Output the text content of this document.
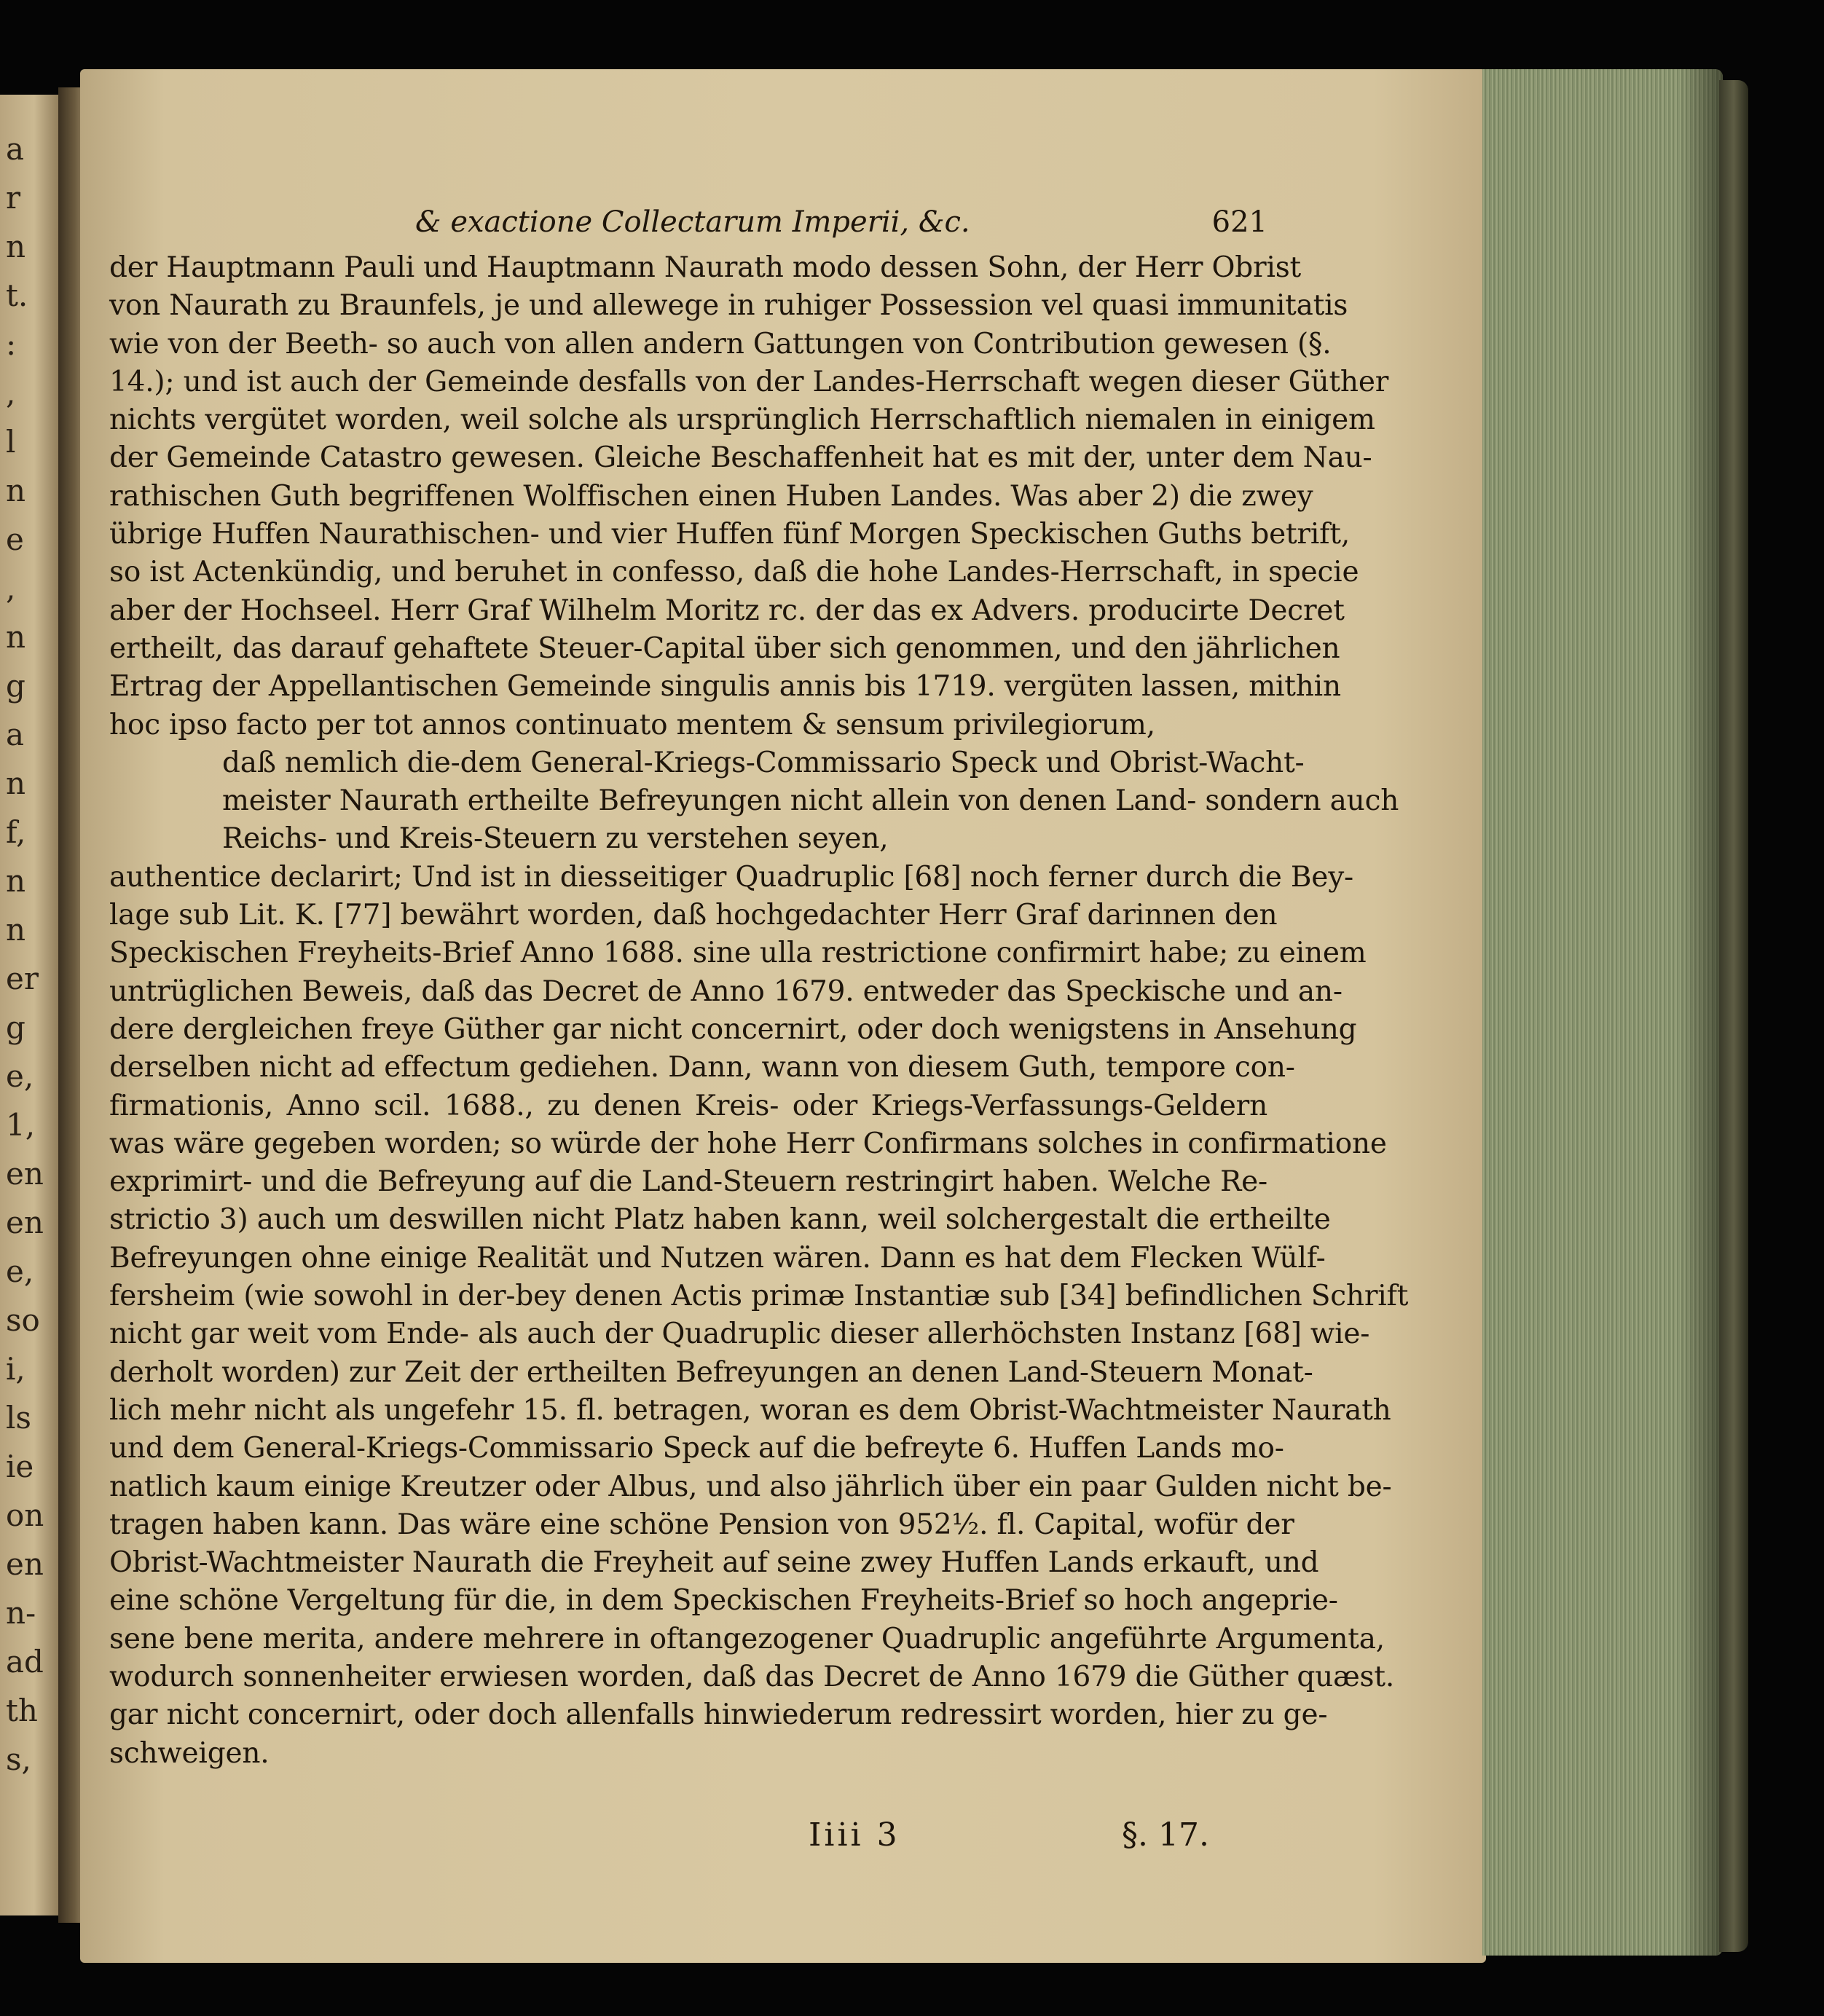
a
r
n
t.
:
,
l
n
e
,
n
g
a
n
f,
n
n
er
g
e,
1,
en
en
e,
so
i,
ls
ie
on
en
n-
ad
th
s,
& exactione Collectarum Imperii, &c.	621
der Hauptmann Pauli und Hauptmann Naurath modo dessen Sohn, der Herr Obrist
von Naurath zu Braunfels, je und allewege in ruhiger Possession vel quasi immunitatis
wie von der Beeth- so auch von allen andern Gattungen von Contribution gewesen (§.
14.); und ist auch der Gemeinde desfalls von der Landes-Herrschaft wegen dieser Güther
nichts vergütet worden, weil solche als ursprünglich Herrschaftlich niemalen in einigem
der Gemeinde Catastro gewesen. Gleiche Beschaffenheit hat es mit der, unter dem Nau-
rathischen Guth begriffenen Wolffischen einen Huben Landes. Was aber 2) die zwey
übrige Huffen Naurathischen- und vier Huffen fünf Morgen Speckischen Guths betrift,
so ist Actenkündig, und beruhet in confesso, daß die hohe Landes-Herrschaft, in specie
aber der Hochseel. Herr Graf Wilhelm Moritz rc. der das ex Advers. producirte Decret
ertheilt, das darauf gehaftete Steuer-Capital über sich genommen, und den jährlichen
Ertrag der Appellantischen Gemeinde singulis annis bis 1719. vergüten lassen, mithin
hoc ipso facto per tot annos continuato mentem & sensum privilegiorum,
daß nemlich die-dem General-Kriegs-Commissario Speck und Obrist-Wacht-
meister Naurath ertheilte Befreyungen nicht allein von denen Land- sondern auch
Reichs- und Kreis-Steuern zu verstehen seyen,
authentice declarirt; Und ist in diesseitiger Quadruplic [68] noch ferner durch die Bey-
lage sub Lit. K. [77] bewährt worden, daß hochgedachter Herr Graf darinnen den
Speckischen Freyheits-Brief Anno 1688. sine ulla restrictione confirmirt habe; zu einem
untrüglichen Beweis, daß das Decret de Anno 1679. entweder das Speckische und an-
dere dergleichen freye Güther gar nicht concernirt, oder doch wenigstens in Ansehung
derselben nicht ad effectum gediehen. Dann, wann von diesem Guth, tempore con-
firmationis, Anno scil. 1688., zu denen Kreis- oder Kriegs-Verfassungs-Geldern
was wäre gegeben worden; so würde der hohe Herr Confirmans solches in confirmatione
exprimirt- und die Befreyung auf die Land-Steuern restringirt haben. Welche Re-
strictio 3) auch um deswillen nicht Platz haben kann, weil solchergestalt die ertheilte
Befreyungen ohne einige Realität und Nutzen wären. Dann es hat dem Flecken Wülf-
fersheim (wie sowohl in der-bey denen Actis primæ Instantiæ sub [34] befindlichen Schrift
nicht gar weit vom Ende- als auch der Quadruplic dieser allerhöchsten Instanz [68] wie-
derholt worden) zur Zeit der ertheilten Befreyungen an denen Land-Steuern Monat-
lich mehr nicht als ungefehr 15. fl. betragen, woran es dem Obrist-Wachtmeister Naurath
und dem General-Kriegs-Commissario Speck auf die befreyte 6. Huffen Lands mo-
natlich kaum einige Kreutzer oder Albus, und also jährlich über ein paar Gulden nicht be-
tragen haben kann. Das wäre eine schöne Pension von 952½. fl. Capital, wofür der
Obrist-Wachtmeister Naurath die Freyheit auf seine zwey Huffen Lands erkauft, und
eine schöne Vergeltung für die, in dem Speckischen Freyheits-Brief so hoch angeprie-
sene bene merita, andere mehrere in oftangezogener Quadruplic angeführte Argumenta,
wodurch sonnenheiter erwiesen worden, daß das Decret de Anno 1679 die Güther quæst.
gar nicht concernirt, oder doch allenfalls hinwiederum redressirt worden, hier zu ge-
schweigen.
Iiii 3	§. 17.
